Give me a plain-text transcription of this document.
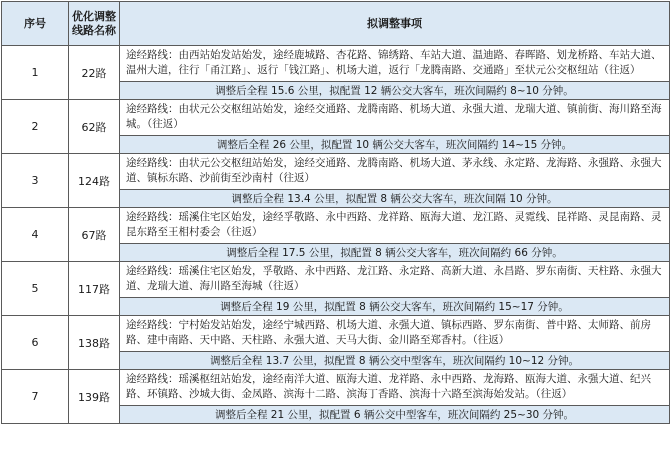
序号	优化调整线路名称	拟调整事项
1	22路	途经路线：由西站始发站始发，途经鹿城路、杏花路、锦绣路、车站大道、温迪路、春晖路、划龙桥路、车站大道、温州大道，往行「甬江路」、返行「钱江路」、机场大道，返行「龙腾南路、交通路」至状元公交枢纽站（往返）
		调整后全程 15.6 公里，拟配置 12 辆公交大客车，班次间隔约 8~10 分钟。
2	62路	途经路线：由状元公交枢纽站始发，途经交通路、龙腾南路、机场大道、永强大道、龙瑞大道、镇前街、海川路至海城。（往返）
		调整后全程 26 公里，拟配置 10 辆公交大客车，班次间隔约 14~15 分钟。
3	124路	途经路线：由状元公交枢纽站始发，途经交通路、龙腾南路、机场大道、茅永线、永定路、龙海路、永强路、永强大道、镇标东路、沙前街至沙南村（往返）
		调整后全程 13.4 公里，拟配置 8 辆公交大客车，班次间隔 10 分钟。
4	67路	途经路线：瑶溪住宅区始发，途经孚敬路、永中西路、龙祥路、瓯海大道、龙江路、灵霓线、昆祥路、灵昆南路、灵昆东路至王相村委会（往返）
		调整后全程 17.5 公里，拟配置 8 辆公交大客车，班次间隔约 66 分钟。
5	117路	途经路线：瑶溪住宅区始发，孚敬路、永中西路、龙江路、永定路、高新大道、永昌路、罗东南街、天柱路、永强大道、龙瑞大道、海川路至海城（往返）
		调整后全程 19 公里，拟配置 8 辆公交大客车，班次间隔约 15~17 分钟。
6	138路	途经路线：宁村始发站始发，途经宁城西路、机场大道、永强大道、镇标西路、罗东南街、普中路、太师路、前房路、建中南路、天中路、天柱路、永强大道、天马大街、金川路至郑香村。（往返）
		调整后全程 13.7 公里，拟配置 8 辆公交中型客车，班次间隔约 10~12 分钟。
7	139路	途经路线：瑶溪枢纽站始发，途经南洋大道、瓯海大道、龙祥路、永中西路、龙海路、瓯海大道、永强大道、纪兴路、环镇路、沙城大街、金凤路、滨海十二路、滨海丁香路、滨海十六路至滨海始发站。（往返）
		调整后全程 21 公里，拟配置 6 辆公交中型客车，班次间隔约 25~30 分钟。
